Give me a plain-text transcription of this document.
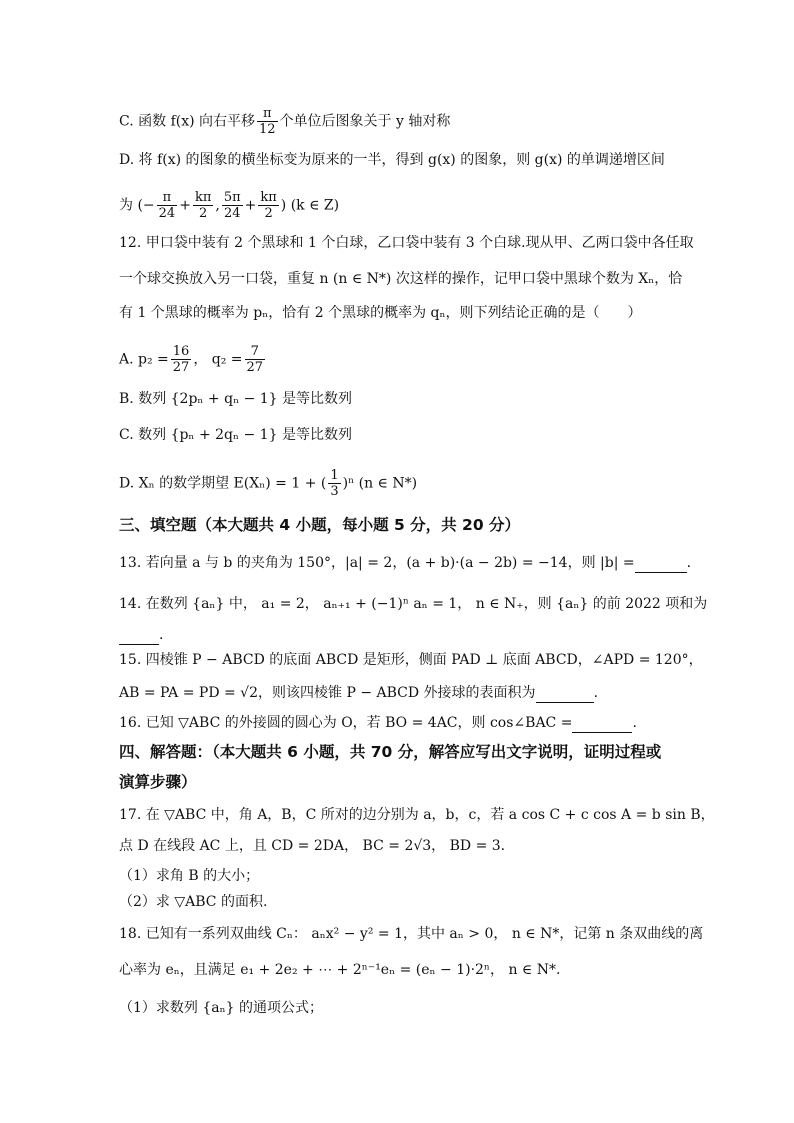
C. 函数 f(x) 向右平移 $\frac{\pi}{12}$ 个单位后图象关于 y 轴对称
D. 将 f(x) 的图象的横坐标变为原来的一半，得到 g(x) 的图象，则 g(x) 的单调递增区间
为 (− $\frac{\pi}{24} + \frac{k\pi}{2}$ , $\frac{5\pi}{24} + \frac{k\pi}{2}$ ) (k ∈ Z)
12. 甲口袋中装有 2 个黑球和 1 个白球，乙口袋中装有 3 个白球.现从甲、乙两口袋中各任取
一个球交换放入另一口袋，重复 n (n ∈ N*) 次这样的操作，记甲口袋中黑球个数为 Xₙ，恰
有 1 个黑球的概率为 pₙ，恰有 2 个黑球的概率为 qₙ，则下列结论正确的是（　　）
A. $p_2 = \frac{16}{27}$ ， $q_2 = \frac{7}{27}$
B. 数列 {2pₙ + qₙ − 1} 是等比数列
C. 数列 {pₙ + 2qₙ − 1} 是等比数列
D. Xₙ 的数学期望 E(Xₙ) = 1 + ( $\frac{1}{3} )^n$ (n ∈ N*)
三、填空题（本大题共 4 小题，每小题 5 分，共 20 分）
13. 若向量 a 与 b 的夹角为 150°，|a| = 2，(a + b)·(a − 2b) = −14，则 |b| =	.
14. 在数列 {aₙ} 中， a₁ = 2， aₙ₊₁ + (−1)ⁿ aₙ = 1， n ∈ N₊，则 {aₙ} 的前 2022 项和为
.
15. 四棱锥 P − ABCD 的底面 ABCD 是矩形，侧面 PAD ⊥ 底面 ABCD，∠APD = 120°，
AB = PA = PD = √2，则该四棱锥 P − ABCD 外接球的表面积为	.
16. 已知 ▽ABC 的外接圆的圆心为 O，若 BO = 4AC，则 cos∠BAC =	.
四、解答题：（本大题共 6 小题，共 70 分，解答应写出文字说明，证明过程或
演算步骤）
17. 在 ▽ABC 中，角 A，B，C 所对的边分别为 a，b，c，若 a cos C + c cos A = b sin B，
点 D 在线段 AC 上，且 CD = 2DA， BC = 2√3， BD = 3.
（1）求角 B 的大小；
（2）求 ▽ABC 的面积.
18. 已知有一系列双曲线 Cₙ： aₙx² − y² = 1，其中 aₙ > 0， n ∈ N*，记第 n 条双曲线的离
心率为 eₙ，且满足 e₁ + 2e₂ + ⋯ + 2ⁿ⁻¹eₙ = (eₙ − 1)·2ⁿ， n ∈ N*.
（1）求数列 {aₙ} 的通项公式；
